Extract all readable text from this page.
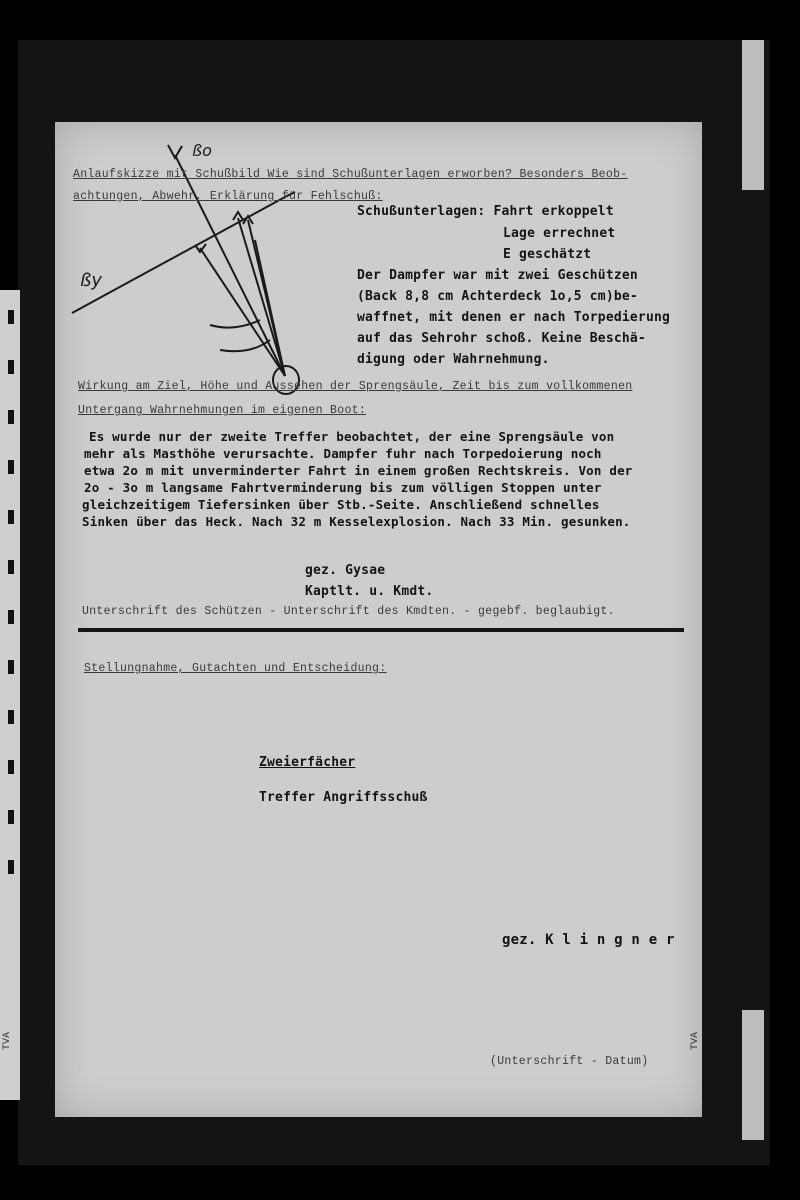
TVA
ßo
ßy
Anlaufskizze mit Schußbild Wie sind Schußunterlagen erworben? Besonders Beob-
achtungen, Abwehr, Erklärung für Fehlschuß:
Schußunterlagen: Fahrt erkoppelt
Lage errechnet
E geschätzt
Der Dampfer war mit zwei Geschützen
(Back 8,8 cm Achterdeck 1o,5 cm)be-
waffnet, mit denen er nach Torpedierung
auf das Sehrohr schoß. Keine Beschä-
digung oder Wahrnehmung.
Wirkung am Ziel, Höhe und Aussehen der Sprengsäule, Zeit bis zum vollkommenen
Untergang Wahrnehmungen im eigenen Boot:
Es wurde nur der zweite Treffer beobachtet, der eine Sprengsäule von
mehr als Masthöhe verursachte. Dampfer fuhr nach Torpedoierung noch
etwa 2o m mit unverminderter Fahrt in einem großen Rechtskreis. Von der
2o - 3o m langsame Fahrtverminderung bis zum völligen Stoppen unter
gleichzeitigem Tiefersinken über Stb.-Seite. Anschließend schnelles
Sinken über das Heck. Nach 32 m Kesselexplosion. Nach 33 Min. gesunken.
gez. Gysae
Kaptlt. u. Kmdt.
Unterschrift des Schützen - Unterschrift des Kmdten. - gegebf. beglaubigt.
Stellungnahme, Gutachten und Entscheidung:
Zweierfächer
Treffer Angriffsschuß
gez. K l i n g n e r
(Unterschrift - Datum)
TVA
